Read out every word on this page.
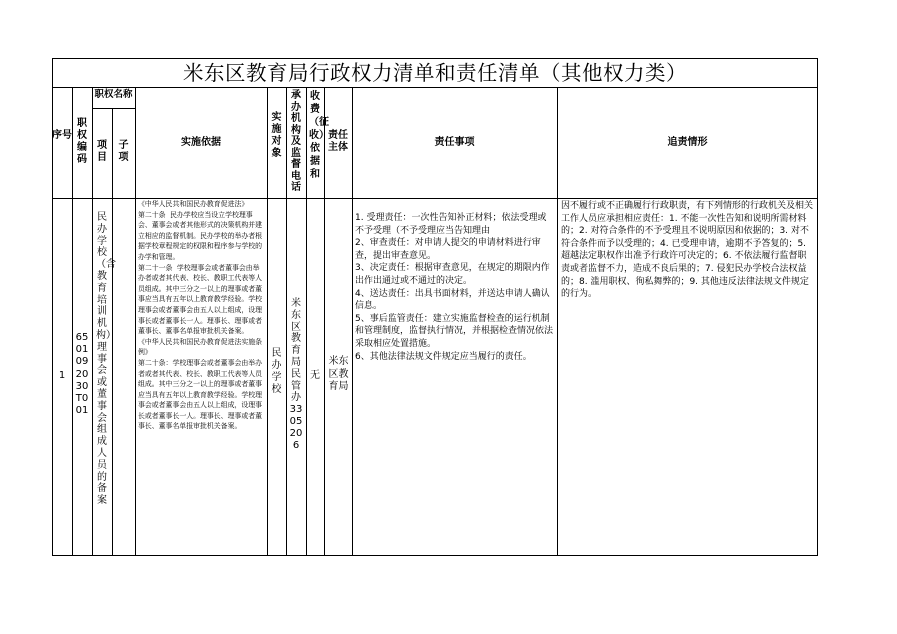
米东区教育局行政权力清单和责任清单（其他权力类）
序号
职权编码
职权名称
项目
子项
实施依据
实施对象
承办机构及监督电话
收费（征收）依据和
责任主体	责任事项	追责情形
1
6501092030T001
民办学校（含教育培训机构）理事会或董事会组成人员的备案
《中华人民共和国民办教育促进法》
第二十条  民办学校应当设立学校理事会、董事会或者其他形式的决策机构并建立相应的监督机制。民办学校的举办者根据学校章程规定的权限和程序参与学校的办学和管理。
第二十一条  学校理事会或者董事会由举办者或者其代表、校长、教职工代表等人员组成。其中三分之一以上的理事或者董事应当具有五年以上教育教学经验。学校理事会或者董事会由五人以上组成，设理事长或者董事长一人。理事长、理事或者董事长、董事名单报审批机关备案。
《中华人民共和国民办教育促进法实施条例》
第二十条：学校理事会或者董事会由举办者或者其代表、校长、教职工代表等人员组成。其中三分之一以上的理事或者董事应当具有五年以上教育教学经验。学校理事会或者董事会由五人以上组成，设理事长或者董事长一人。理事长、理事或者董事长、董事名单报审批机关备案。
民办学校
米东区教育局民管办3305206
无
米东区教育局
1. 受理责任：一次性告知补正材料；依法受理或不予受理（不予受理应当告知理由
2、审查责任：对申请人提交的申请材料进行审查，提出审查意见。
3、决定责任：根据审查意见，在规定的期限内作出作出通过或不通过的决定。
4、送达责任：出具书面材料，并送达申请人确认信息。
5、事后监管责任：建立实施监督检查的运行机制和管理制度，监督执行情况，并根据检查情况依法采取相应处置措施。
6、其他法律法规文件规定应当履行的责任。
因不履行或不正确履行行政职责，有下列情形的行政机关及相关工作人员应承担相应责任：1. 不能一次性告知和说明所需材料的；2. 对符合条件的不予受理且不说明原因和依据的；3. 对不符合条件而予以受理的；4. 已受理申请，逾期不予答复的；5. 超越法定职权作出准予行政许可决定的；6. 不依法履行监督职责或者监督不力，造成不良后果的；7. 侵犯民办学校合法权益的；8. 滥用职权、徇私舞弊的；9. 其他违反法律法规文件规定的行为。
